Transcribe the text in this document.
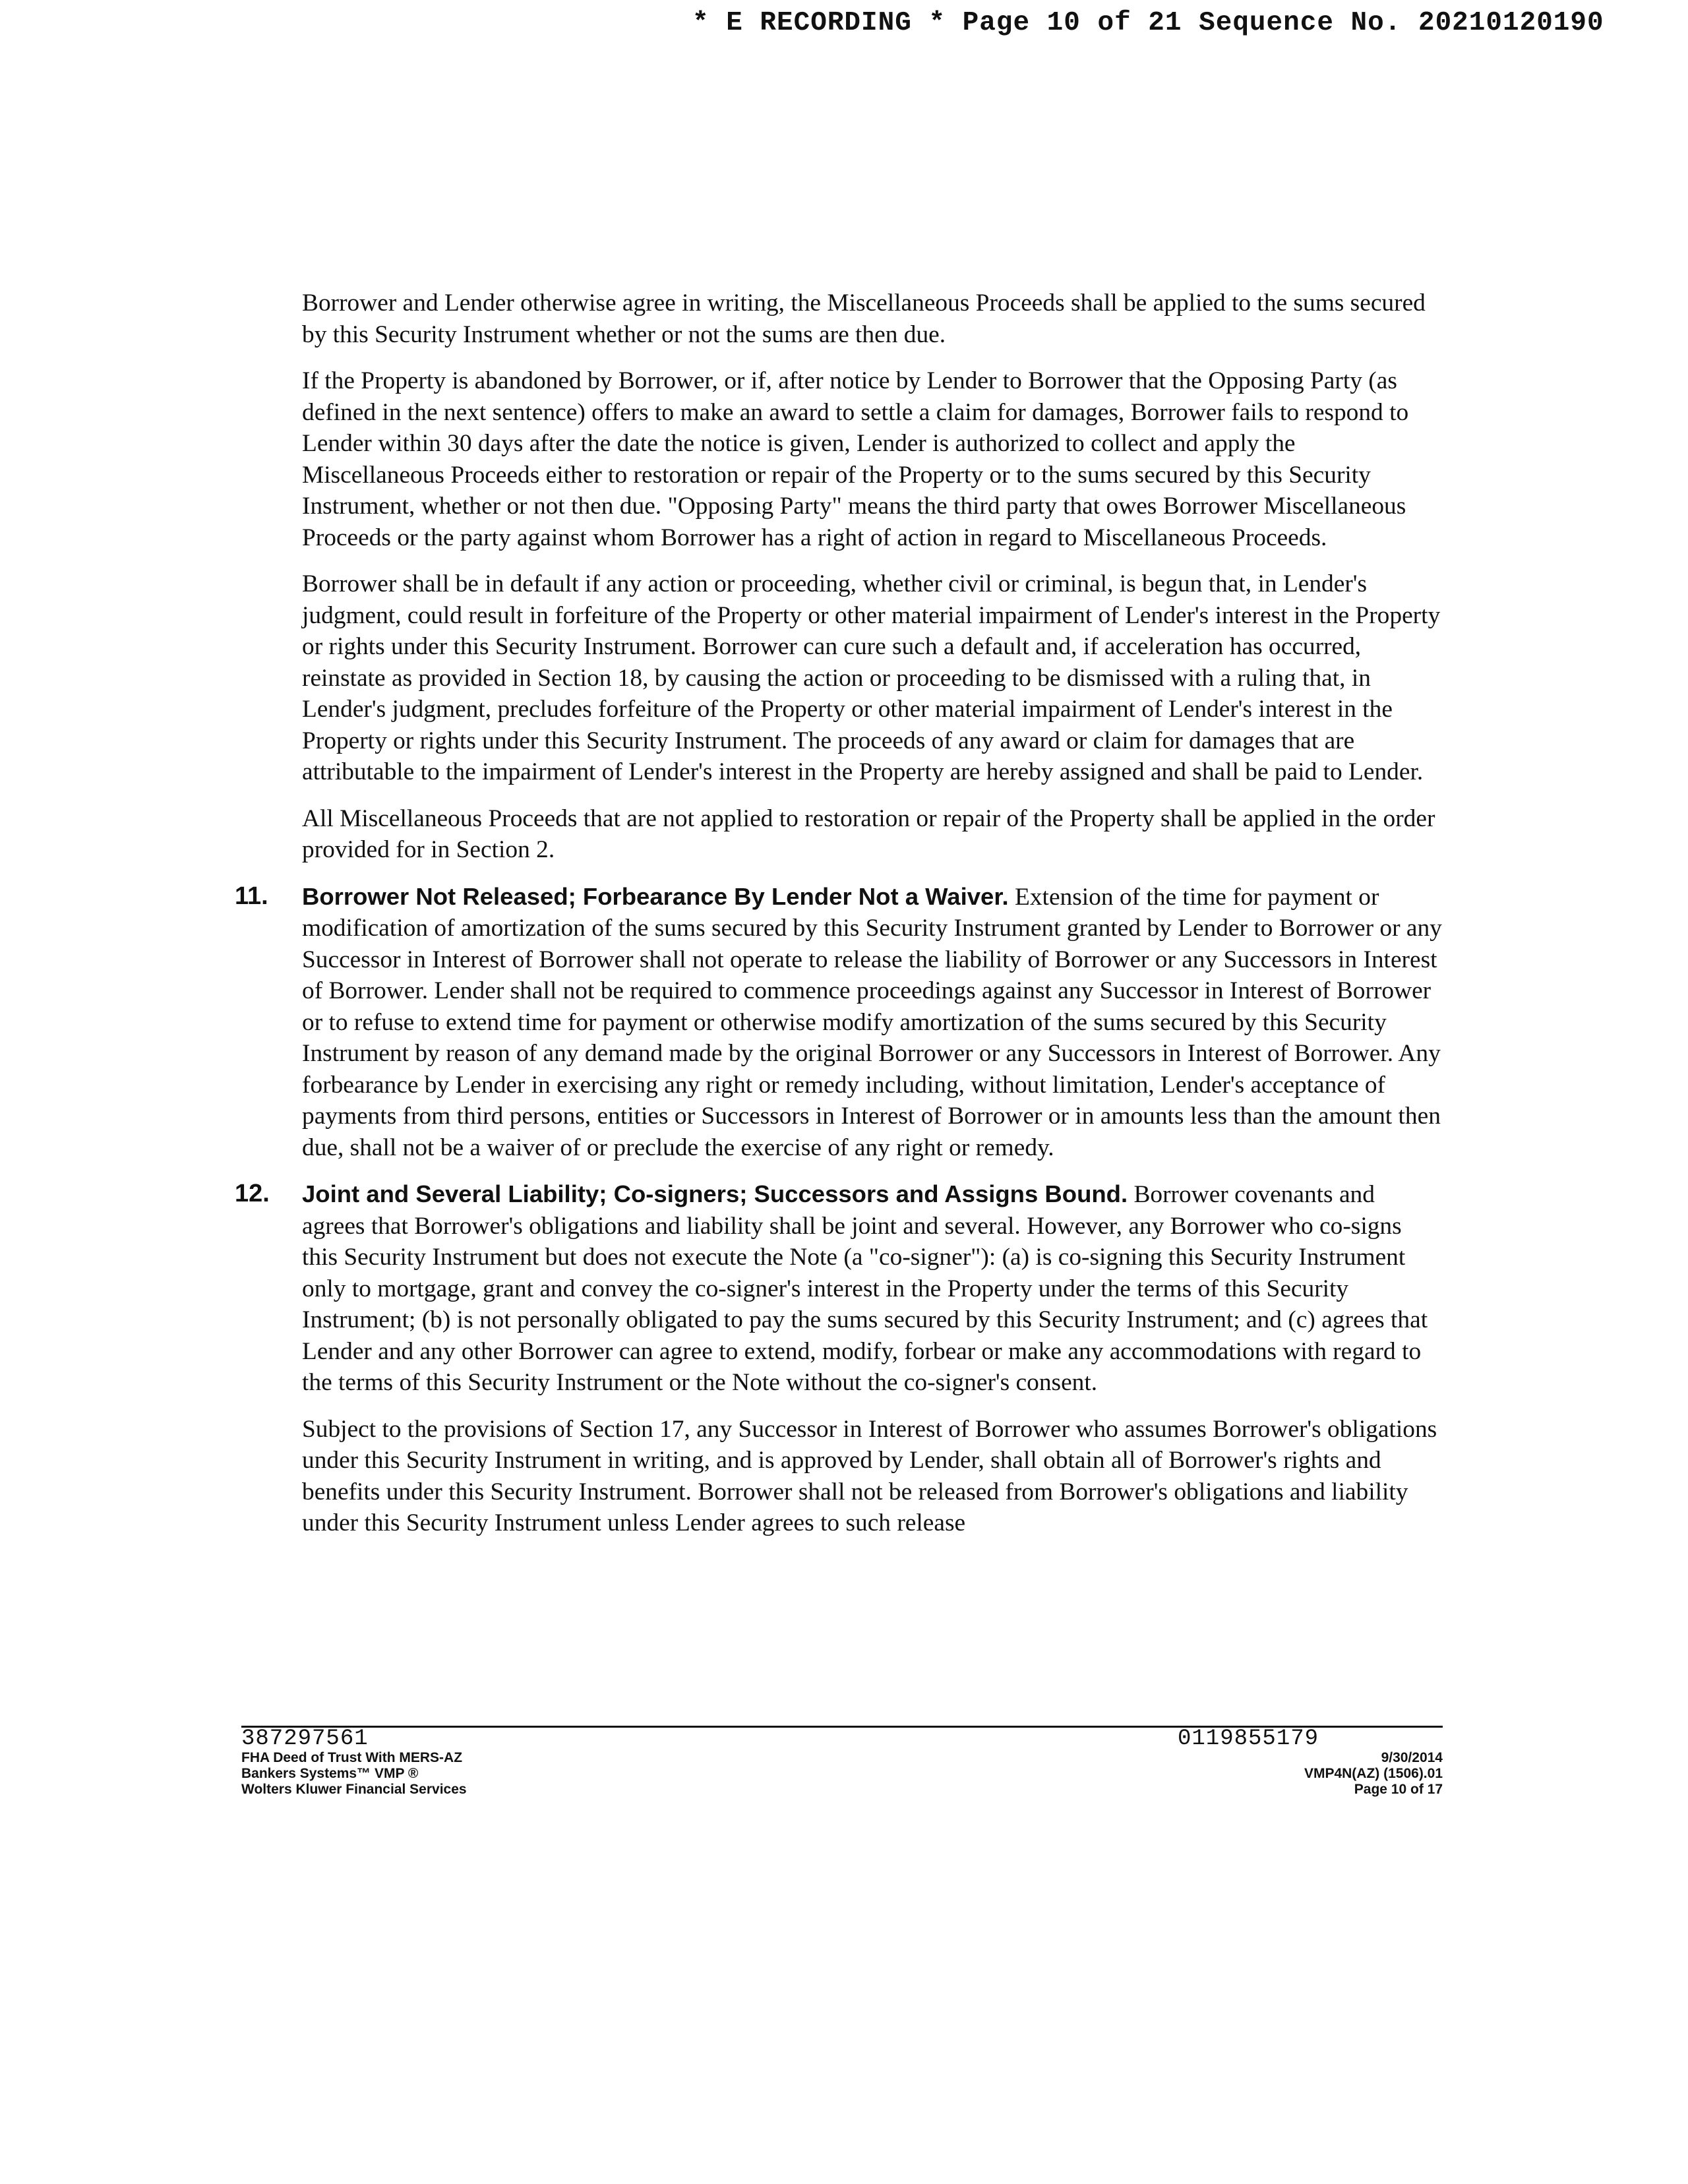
* E RECORDING * Page 10 of 21 Sequence No. 20210120190

Borrower and Lender otherwise agree in writing, the Miscellaneous Proceeds shall be applied to the sums secured by this Security Instrument whether or not the sums are then due.

If the Property is abandoned by Borrower, or if, after notice by Lender to Borrower that the Opposing Party (as defined in the next sentence) offers to make an award to settle a claim for damages, Borrower fails to respond to Lender within 30 days after the date the notice is given, Lender is authorized to collect and apply the Miscellaneous Proceeds either to restoration or repair of the Property or to the sums secured by this Security Instrument, whether or not then due. "Opposing Party" means the third party that owes Borrower Miscellaneous Proceeds or the party against whom Borrower has a right of action in regard to Miscellaneous Proceeds.

Borrower shall be in default if any action or proceeding, whether civil or criminal, is begun that, in Lender's judgment, could result in forfeiture of the Property or other material impairment of Lender's interest in the Property or rights under this Security Instrument. Borrower can cure such a default and, if acceleration has occurred, reinstate as provided in Section 18, by causing the action or proceeding to be dismissed with a ruling that, in Lender's judgment, precludes forfeiture of the Property or other material impairment of Lender's interest in the Property or rights under this Security Instrument. The proceeds of any award or claim for damages that are attributable to the impairment of Lender's interest in the Property are hereby assigned and shall be paid to Lender.

All Miscellaneous Proceeds that are not applied to restoration or repair of the Property shall be applied in the order provided for in Section 2.

11. Borrower Not Released; Forbearance By Lender Not a Waiver. Extension of the time for payment or modification of amortization of the sums secured by this Security Instrument granted by Lender to Borrower or any Successor in Interest of Borrower shall not operate to release the liability of Borrower or any Successors in Interest of Borrower. Lender shall not be required to commence proceedings against any Successor in Interest of Borrower or to refuse to extend time for payment or otherwise modify amortization of the sums secured by this Security Instrument by reason of any demand made by the original Borrower or any Successors in Interest of Borrower. Any forbearance by Lender in exercising any right or remedy including, without limitation, Lender's acceptance of payments from third persons, entities or Successors in Interest of Borrower or in amounts less than the amount then due, shall not be a waiver of or preclude the exercise of any right or remedy.
12. Joint and Several Liability; Co-signers; Successors and Assigns Bound. Borrower covenants and agrees that Borrower's obligations and liability shall be joint and several. However, any Borrower who co-signs this Security Instrument but does not execute the Note (a "co-signer"): (a) is co-signing this Security Instrument only to mortgage, grant and convey the co-signer's interest in the Property under the terms of this Security Instrument; (b) is not personally obligated to pay the sums secured by this Security Instrument; and (c) agrees that Lender and any other Borrower can agree to extend, modify, forbear or make any accommodations with regard to the terms of this Security Instrument or the Note without the co-signer's consent.

Subject to the provisions of Section 17, any Successor in Interest of Borrower who assumes Borrower's obligations under this Security Instrument in writing, and is approved by Lender, shall obtain all of Borrower's rights and benefits under this Security Instrument. Borrower shall not be released from Borrower's obligations and liability under this Security Instrument unless Lender agrees to such release

387297561
FHA Deed of Trust With MERS-AZ
Bankers Systems™ VMP ®
Wolters Kluwer Financial Services
0119855179
9/30/2014
VMP4N(AZ) (1506).01
Page 10 of 17
